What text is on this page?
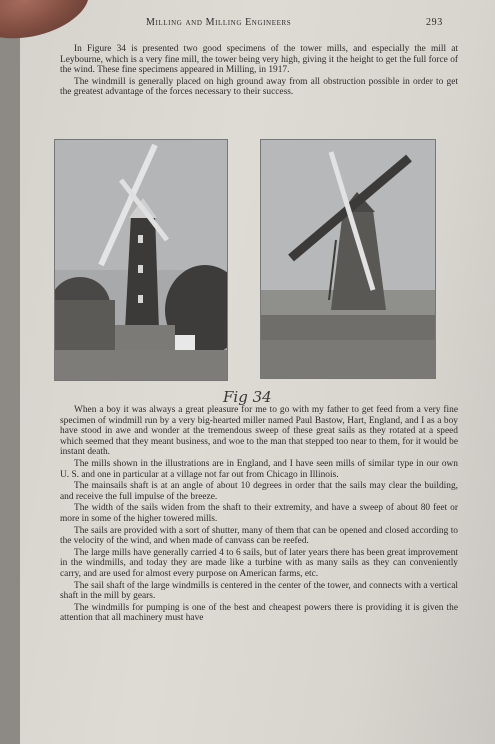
Milling and Milling Engineers	293

In Figure 34 is presented two good specimens of the tower mills, and especially the mill at Leybourne, which is a very fine mill, the tower being very high, giving it the height to get the full force of the wind. These fine specimens appeared in Milling, in 1917.

The windmill is generally placed on high ground away from all obstruction possible in order to get the greatest advantage of the forces necessary to their success.

Fig 34

When a boy it was always a great pleasure for me to go with my father to get feed from a very fine specimen of windmill run by a very big-hearted miller named Paul Bastow, Hart, England, and I as a boy have stood in awe and wonder at the tremendous sweep of these great sails as they rotated at a speed which seemed that they meant business, and woe to the man that stepped too near to them, for it would be instant death.

The mills shown in the illustrations are in England, and I have seen mills of similar type in our own U. S. and one in particular at a village not far out from Chicago in Illinois.

The mainsails shaft is at an angle of about 10 degrees in order that the sails may clear the building, and receive the full impulse of the breeze.

The width of the sails widen from the shaft to their extremity, and have a sweep of about 80 feet or more in some of the higher towered mills.

The sails are provided with a sort of shutter, many of them that can be opened and closed according to the velocity of the wind, and when made of canvass can be reefed.

The large mills have generally carried 4 to 6 sails, but of later years there has been great improvement in the windmills, and today they are made like a turbine with as many sails as they can conveniently carry, and are used for almost every purpose on American farms, etc.

The sail shaft of the large windmills is centered in the center of the tower, and connects with a vertical shaft in the mill by gears.

The windmills for pumping is one of the best and cheapest powers there is providing it is given the attention that all machinery must have
